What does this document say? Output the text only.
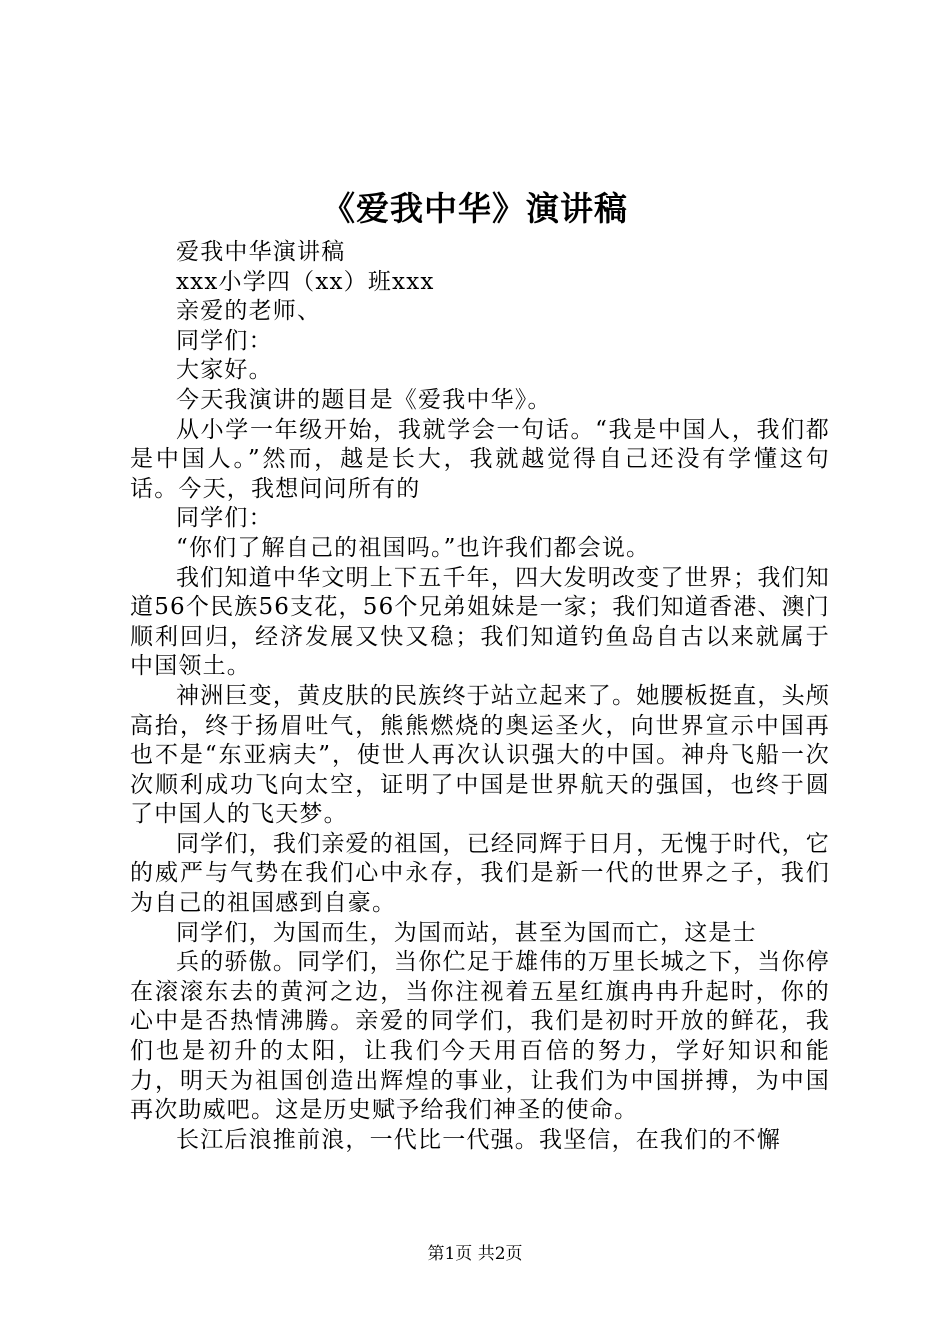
《爱我中华》演讲稿

爱我中华演讲稿

xxx小学四（xx）班xxx

亲爱的老师、

同学们：

大家好。

今天我演讲的题目是《爱我中华》。

从小学一年级开始，我就学会一句话。“我是中国人，我们都是中国人。”然而，越是长大，我就越觉得自己还没有学懂这句话。今天，我想问问所有的

同学们：

“你们了解自己的祖国吗。”也许我们都会说。

我们知道中华文明上下五千年，四大发明改变了世界；我们知道56个民族56支花，56个兄弟姐妹是一家；我们知道香港、澳门顺利回归，经济发展又快又稳；我们知道钓鱼岛自古以来就属于中国领土。

神洲巨变，黄皮肤的民族终于站立起来了。她腰板挺直，头颅高抬，终于扬眉吐气，熊熊燃烧的奥运圣火，向世界宣示中国再也不是“东亚病夫”，使世人再次认识强大的中国。神舟飞船一次次顺利成功飞向太空，证明了中国是世界航天的强国，也终于圆了中国人的飞天梦。

同学们，我们亲爱的祖国，已经同辉于日月，无愧于时代，它的威严与气势在我们心中永存，我们是新一代的世界之子，我们为自己的祖国感到自豪。

同学们，为国而生，为国而站，甚至为国而亡，这是士

兵的骄傲。同学们，当你伫足于雄伟的万里长城之下，当你停在滚滚东去的黄河之边，当你注视着五星红旗冉冉升起时，你的心中是否热情沸腾。亲爱的同学们，我们是初时开放的鲜花，我们也是初升的太阳，让我们今天用百倍的努力，学好知识和能力，明天为祖国创造出辉煌的事业，让我们为中国拼搏，为中国再次助威吧。这是历史赋予给我们神圣的使命。

长江后浪推前浪，一代比一代强。我坚信，在我们的不懈

第1页 共2页
